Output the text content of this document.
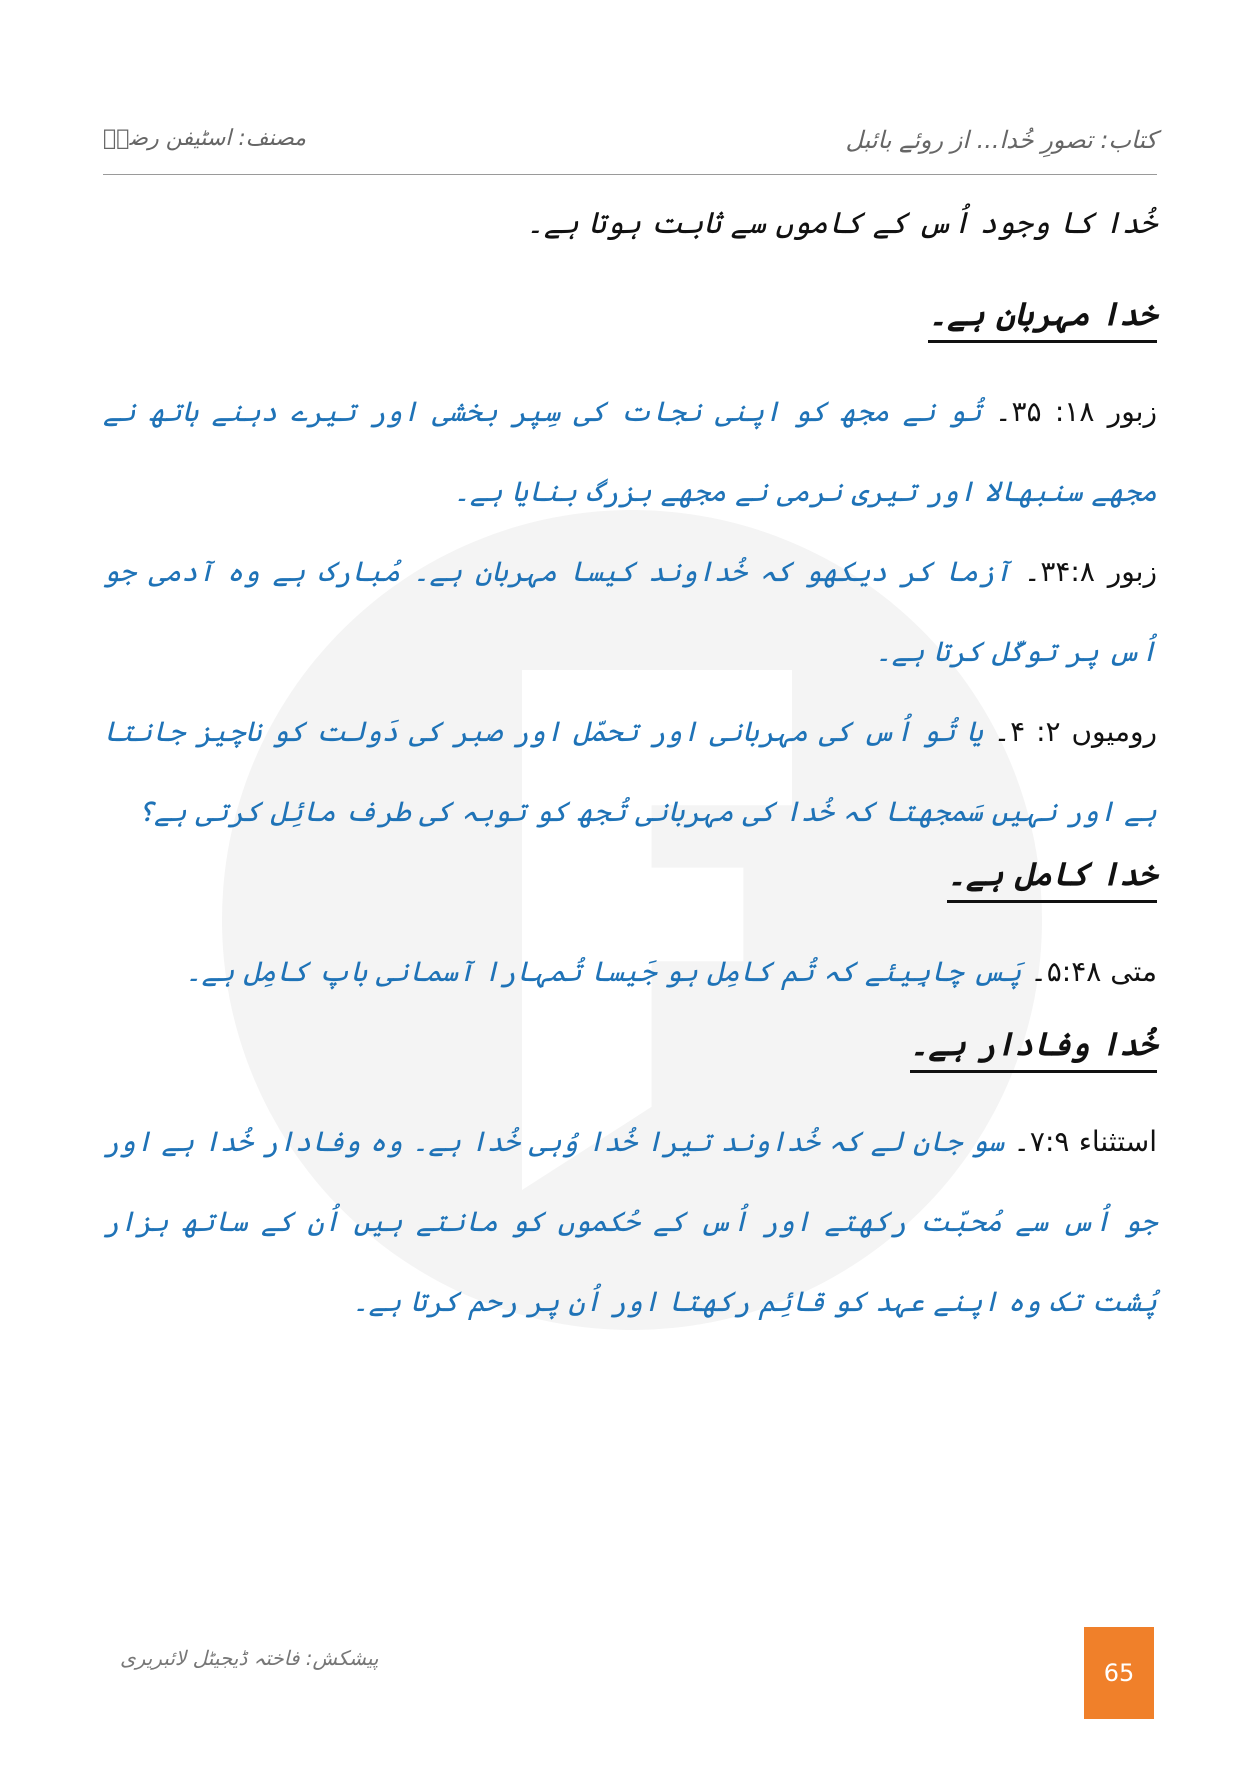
کتاب: تصورِ خُدا... از روئے بائبل
مصنف: اسٹیفن رضاؔ
خُدا کا وجود اُس کے کاموں سے ثابت ہوتا ہے۔
خدا مہربان ہے۔
زبور ۱۸: ۳۵۔ تُو نے مجھ کو اپنی نجات کی سِپر بخشی اور تیرے دہنے ہاتھ نے مجھے سنبھالا اور تیری نرمی نے مجھے بزرگ بنایا ہے۔
زبور ۳۴:۸۔ آزما کر دیکھو کہ خُداوند کیسا مہربان ہے۔ مُبارک ہے وہ آدمی جو اُس پر توکّل کرتا ہے۔
رومیوں ۲: ۴۔ یا تُو اُس کی مہربانی اور تحمّل اور صبر کی دَولت کو ناچیز جانتا ہے اور نہیں سَمجھتا کہ خُدا کی مہربانی تُجھ کو توبہ کی طرف مائِل کرتی ہے؟
خدا کامل ہے۔
متی ۵:۴۸۔ پَس چاہِیئے کہ تُم کامِل ہو جَیسا تُمہارا آسمانی باپ کامِل ہے۔
خُدا وفادار ہے۔
استثناء ۷:۹۔ سو جان لے کہ خُداوند تیرا خُدا وُہی خُدا ہے۔ وہ وفادار خُدا ہے اور جو اُس سے مُحبّت رکھتے اور اُس کے حُکموں کو مانتے ہیں اُن کے ساتھ ہزار پُشت تک وہ اپنے عہد کو قائِم رکھتا اور اُن پر رحم کرتا ہے۔
پیشکش: فاختہ ڈیجیٹل لائبریری
65
